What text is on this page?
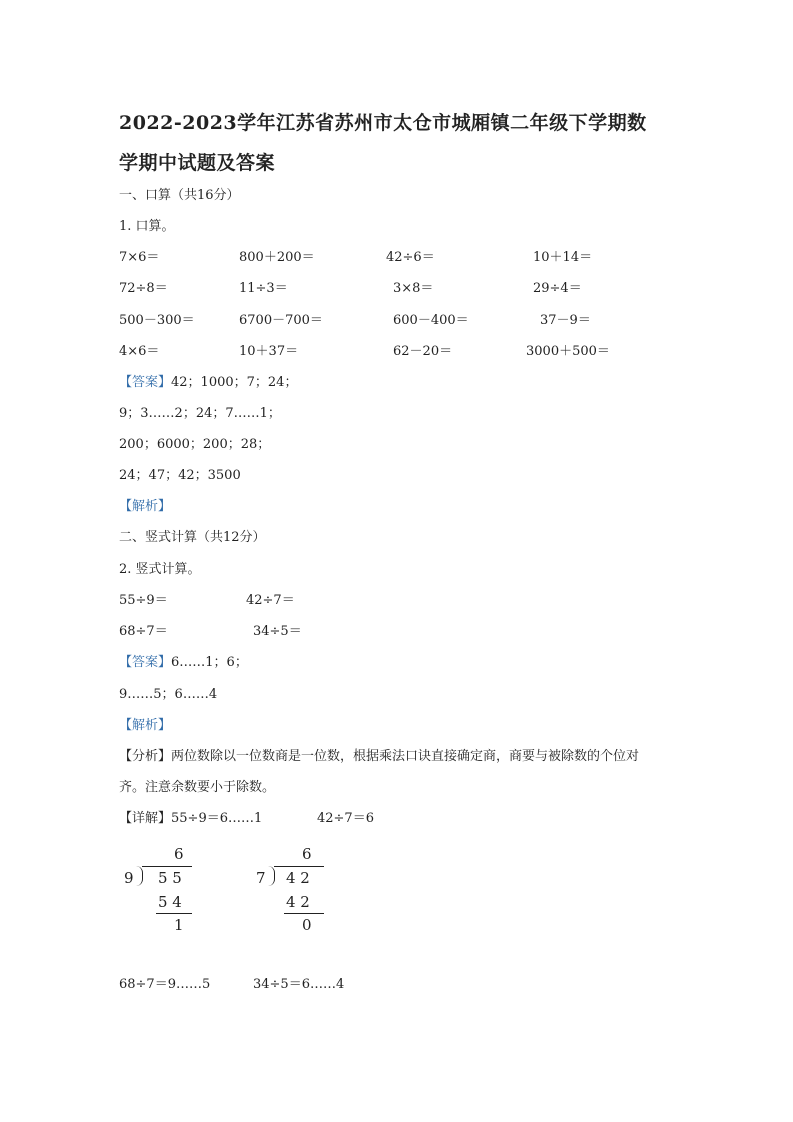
2022-2023学年江苏省苏州市太仓市城厢镇二年级下学期数
学期中试题及答案
一、口算（共16分）
1. 口算。
7×6＝	800＋200＝	42÷6＝	10＋14＝
72÷8＝	11÷3＝	3×8＝	29÷4＝
500－300＝	6700－700＝	600－400＝	37－9＝
4×6＝	10＋37＝	62－20＝	3000＋500＝
【答案】42；1000；7；24；
9；3……2；24；7……1；
200；6000；200；28；
24；47；42；3500
【解析】
二、竖式计算（共12分）
2. 竖式计算。
55÷9＝	42÷7＝
68÷7＝	34÷5＝
【答案】6……1；6；
9……5；6……4
【解析】
【分析】两位数除以一位数商是一位数，根据乘法口诀直接确定商，商要与被除数的个位对
齐。注意余数要小于除数。
【详解】55÷9＝6……1	42÷7＝6
6
9 5 5
5 4
1
6
7 4 2
4 2
0
68÷7＝9……5	34÷5＝6……4
